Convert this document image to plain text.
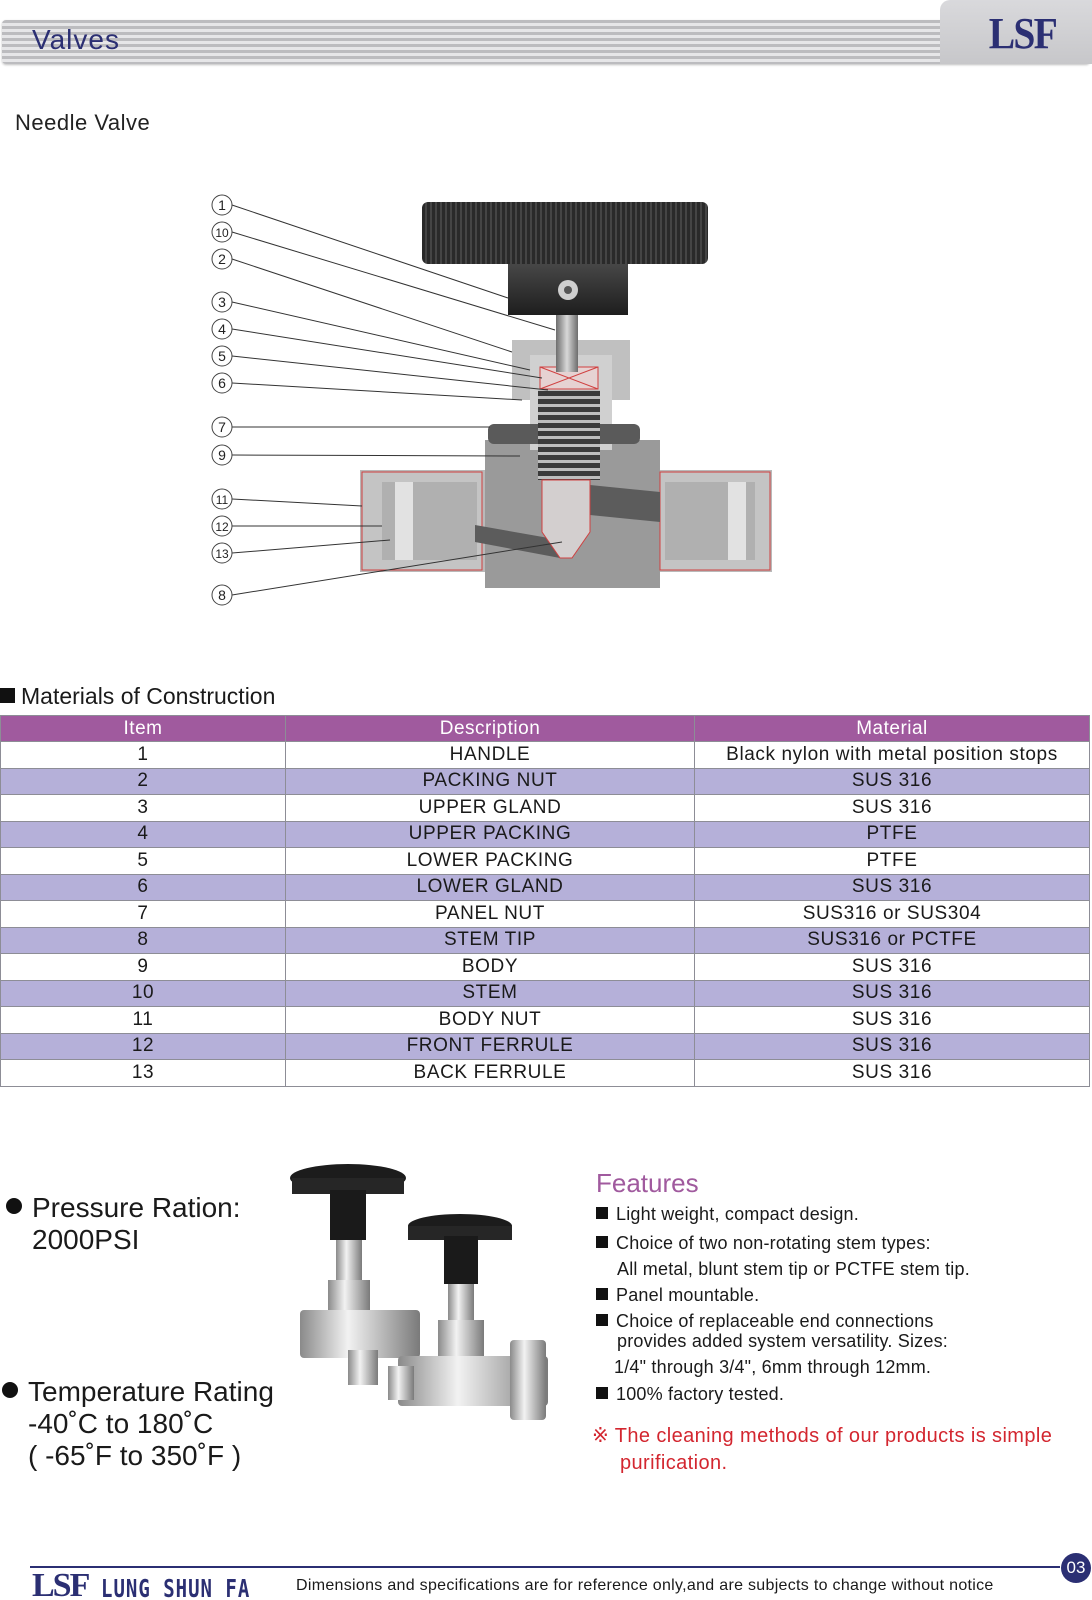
Valves	LSF
Needle Valve
1
10
2
3
4
5
6
7
9
11
12
13
8
Materials of Construction
Item	Description	Material
1	HANDLE	Black nylon with metal position stops
2	PACKING NUT	SUS 316
3	UPPER GLAND	SUS 316
4	UPPER PACKING	PTFE
5	LOWER PACKING	PTFE
6	LOWER GLAND	SUS 316
7	PANEL NUT	SUS316 or SUS304
8	STEM TIP	SUS316 or PCTFE
9	BODY	SUS 316
10	STEM	SUS 316
11	BODY NUT	SUS 316
12	FRONT FERRULE	SUS 316
13	BACK FERRULE	SUS 316
Pressure Ration:
2000PSI
Temperature Rating
-40˚C to 180˚C
( -65˚F to 350˚F )
Features
Light weight, compact design.
Choice of two non-rotating stem types:
All metal, blunt stem tip or PCTFE stem tip.
Panel mountable.
Choice of replaceable end connections
provides added system versatility. Sizes:
1/4" through 3/4", 6mm through 12mm.
100% factory tested.
※ The cleaning methods of our products is simple
purification.
LSF LUNG SHUN FA	Dimensions and specifications are for reference only,and are subjects to change without notice
03
